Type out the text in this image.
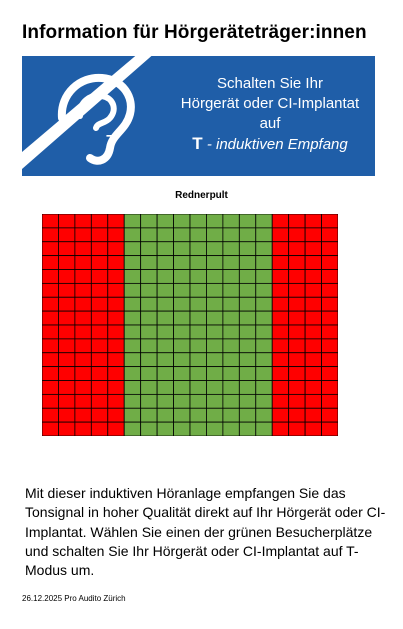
Information für Hörgeräteträger:innen
T
Schalten Sie Ihr
Hörgerät oder CI-Implantat
auf
T - induktiven Empfang
Rednerpult
Mit dieser induktiven Höranlage empfangen Sie das Tonsignal in hoher Qualität direkt auf Ihr Hörgerät oder CI-Implantat. Wählen Sie einen der grünen Besucherplätze und schalten Sie Ihr Hörgerät oder CI-Implantat auf T-Modus um.
26.12.2025 Pro Audito Zürich
